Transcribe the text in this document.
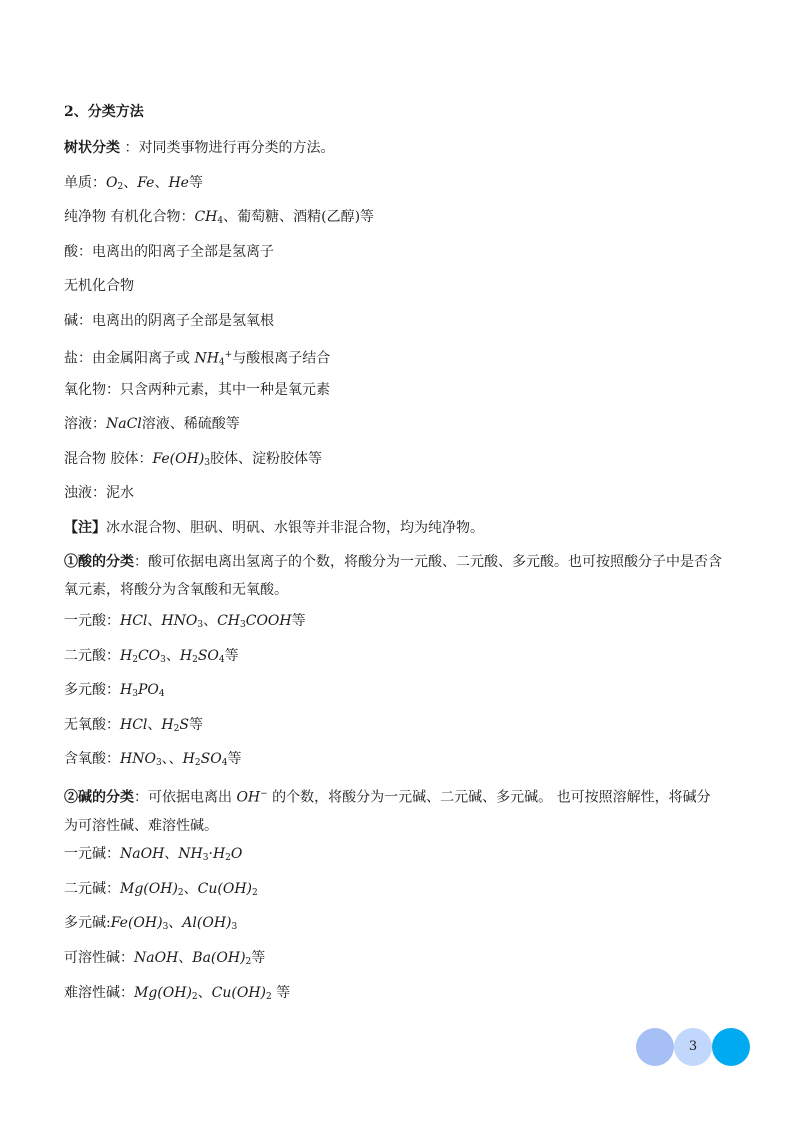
2、分类方法
树状分类 ：对同类事物进行再分类的方法。
单质：$O_2$、Fe、He等
纯净物 有机化合物：$CH_4$、葡萄糖、酒精(乙醇)等
酸：电离出的阳离子全部是氢离子
无机化合物
碱：电离出的阴离子全部是氢氧根
盐：由金属阳离子或 $NH_4^+$与酸根离子结合
氧化物：只含两种元素，其中一种是氧元素
溶液：NaCl溶液、稀硫酸等
混合物 胶体：$Fe(OH)_3$胶体、淀粉胶体等
浊液：泥水
【注】冰水混合物、胆矾、明矾、水银等并非混合物，均为纯净物。
①酸的分类：酸可依据电离出氢离子的个数，将酸分为一元酸、二元酸、多元酸。也可按照酸分子中是否含氧元素，将酸分为含氧酸和无氧酸。
一元酸：HCl、$HNO_3$、$CH_3COOH$等
二元酸：$H_2CO_3$、$H_2SO_4$等
多元酸：$H_3PO_4$
无氧酸：HCl、$H_2S$等
含氧酸：$HNO_3$、、$H_2SO_4$等
②碱的分类：可依据电离出 OH− 的个数，将酸分为一元碱、二元碱、多元碱。 也可按照溶解性，将碱分为可溶性碱、难溶性碱。
一元碱：NaOH、$NH_3\cdot H_2O$
二元碱：$Mg(OH)_2$、$Cu(OH)_2$
多元碱$:Fe(OH)_3$、$Al(OH)_3$
可溶性碱：NaOH、$Ba(OH)_2$等
难溶性碱：$Mg(OH)_2$、$Cu(OH)_2$ 等
3
